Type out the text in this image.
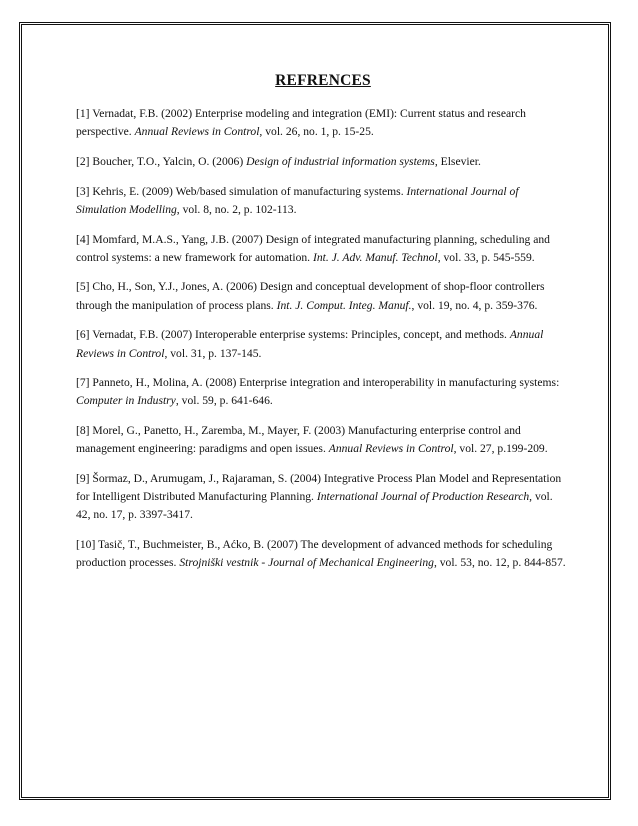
REFRENCES

[1] Vernadat, F.B. (2002) Enterprise modeling and integration (EMI): Current status and research perspective. Annual Reviews in Control, vol. 26, no. 1, p. 15-25.

[2] Boucher, T.O., Yalcin, O. (2006) Design of industrial information systems, Elsevier.

[3] Kehris, E. (2009) Web/based simulation of manufacturing systems. International Journal of Simulation Modelling, vol. 8, no. 2, p. 102-113.

[4] Momfard, M.A.S., Yang, J.B. (2007) Design of integrated manufacturing planning, scheduling and control systems: a new framework for automation. Int. J. Adv. Manuf. Technol, vol. 33, p. 545-559.

[5] Cho, H., Son, Y.J., Jones, A. (2006) Design and conceptual development of shop-floor controllers through the manipulation of process plans. Int. J. Comput. Integ. Manuf., vol. 19, no. 4, p. 359-376.

[6] Vernadat, F.B. (2007) Interoperable enterprise systems: Principles, concept, and methods. Annual Reviews in Control, vol. 31, p. 137-145.

[7] Panneto, H., Molina, A. (2008) Enterprise integration and interoperability in manufacturing systems: Computer in Industry, vol. 59, p. 641-646.

[8] Morel, G., Panetto, H., Zaremba, M., Mayer, F. (2003) Manufacturing enterprise control and management engineering: paradigms and open issues. Annual Reviews in Control, vol. 27, p.199-209.

[9] Šormaz, D., Arumugam, J., Rajaraman, S. (2004) Integrative Process Plan Model and Representation for Intelligent Distributed Manufacturing Planning. International Journal of Production Research, vol. 42, no. 17, p. 3397-3417.

[10] Tasič, T., Buchmeister, B., Aćko, B. (2007) The development of advanced methods for scheduling production processes. Strojniški vestnik - Journal of Mechanical Engineering, vol. 53, no. 12, p. 844-857.
